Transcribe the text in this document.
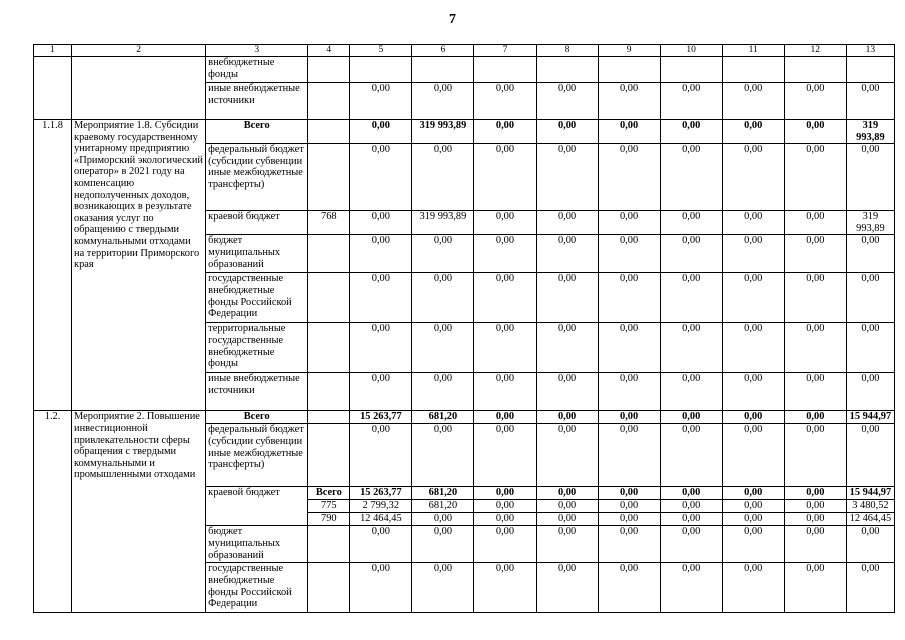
7
1	2	3	4	5	6	7	8	9	10	11	12	13
		внебюджетные фонды										
		иные внебюджетные источники		0,00	0,00	0,00	0,00	0,00	0,00	0,00	0,00	0,00
1.1.8	Мероприятие 1.8. Субсидии краевому государственному унитарному предприятию «Приморский экологический оператор» в 2021 году на компенсацию недополученных доходов, возникающих в результате оказания услуг по обращению с твердыми коммунальными отходами на территории Приморского края	Всего		0,00	319 993,89	0,00	0,00	0,00	0,00	0,00	0,00	319 993,89
		федеральный бюджет (субсидии субвенции иные межбюджетные трансферты)		0,00	0,00	0,00	0,00	0,00	0,00	0,00	0,00	0,00
		краевой бюджет	768	0,00	319 993,89	0,00	0,00	0,00	0,00	0,00	0,00	319 993,89
		бюджет муниципальных образований		0,00	0,00	0,00	0,00	0,00	0,00	0,00	0,00	0,00
		государственные внебюджетные фонды Российской Федерации		0,00	0,00	0,00	0,00	0,00	0,00	0,00	0,00	0,00
		территориальные государственные внебюджетные фонды		0,00	0,00	0,00	0,00	0,00	0,00	0,00	0,00	0,00
		иные внебюджетные источники		0,00	0,00	0,00	0,00	0,00	0,00	0,00	0,00	0,00
1.2.	Мероприятие 2. Повышение инвестиционной привлекательности сферы обращения с твердыми коммунальными и промышленными отходами	Всего		15 263,77	681,20	0,00	0,00	0,00	0,00	0,00	0,00	15 944,97
		федеральный бюджет (субсидии субвенции иные межбюджетные трансферты)		0,00	0,00	0,00	0,00	0,00	0,00	0,00	0,00	0,00
		краевой бюджет	Всего	15 263,77	681,20	0,00	0,00	0,00	0,00	0,00	0,00	15 944,97
			775	2 799,32	681,20	0,00	0,00	0,00	0,00	0,00	0,00	3 480,52
			790	12 464,45	0,00	0,00	0,00	0,00	0,00	0,00	0,00	12 464,45
		бюджет муниципальных образований		0,00	0,00	0,00	0,00	0,00	0,00	0,00	0,00	0,00
		государственные внебюджетные фонды Российской Федерации		0,00	0,00	0,00	0,00	0,00	0,00	0,00	0,00	0,00
